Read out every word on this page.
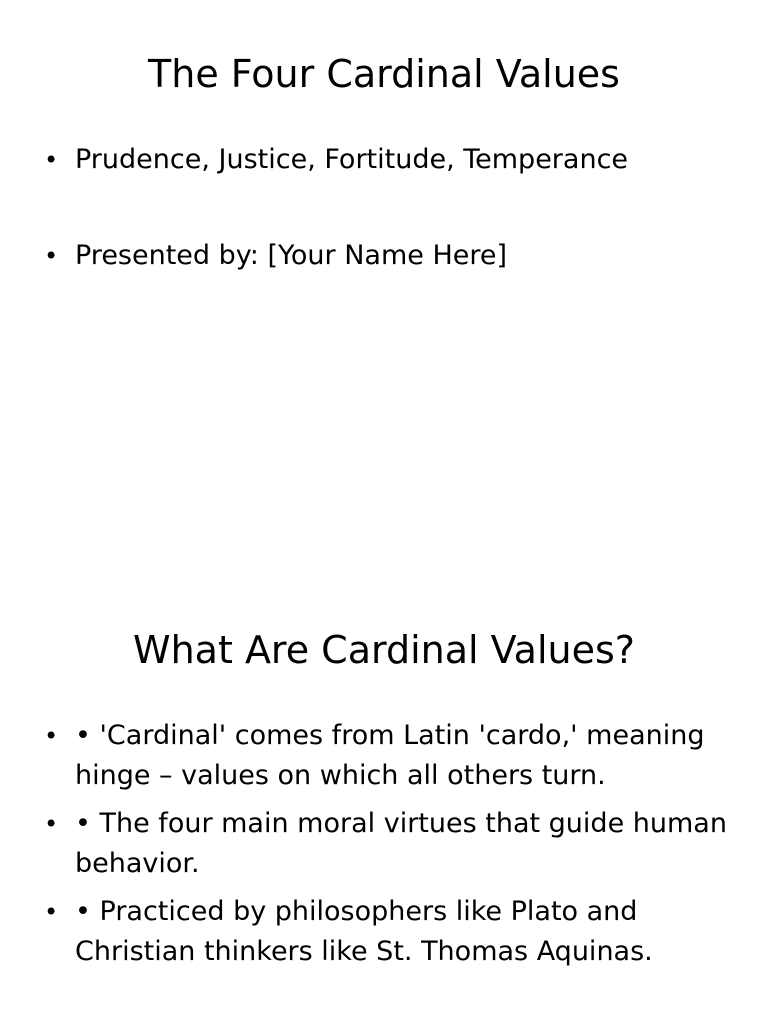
The Four Cardinal Values
• Prudence, Justice, Fortitude, Temperance
• Presented by: [Your Name Here]
What Are Cardinal Values?
• • 'Cardinal' comes from Latin 'cardo,' meaning hinge – values on which all others turn.
• • The four main moral virtues that guide human behavior.
• • Practiced by philosophers like Plato and Christian thinkers like St. Thomas Aquinas.
